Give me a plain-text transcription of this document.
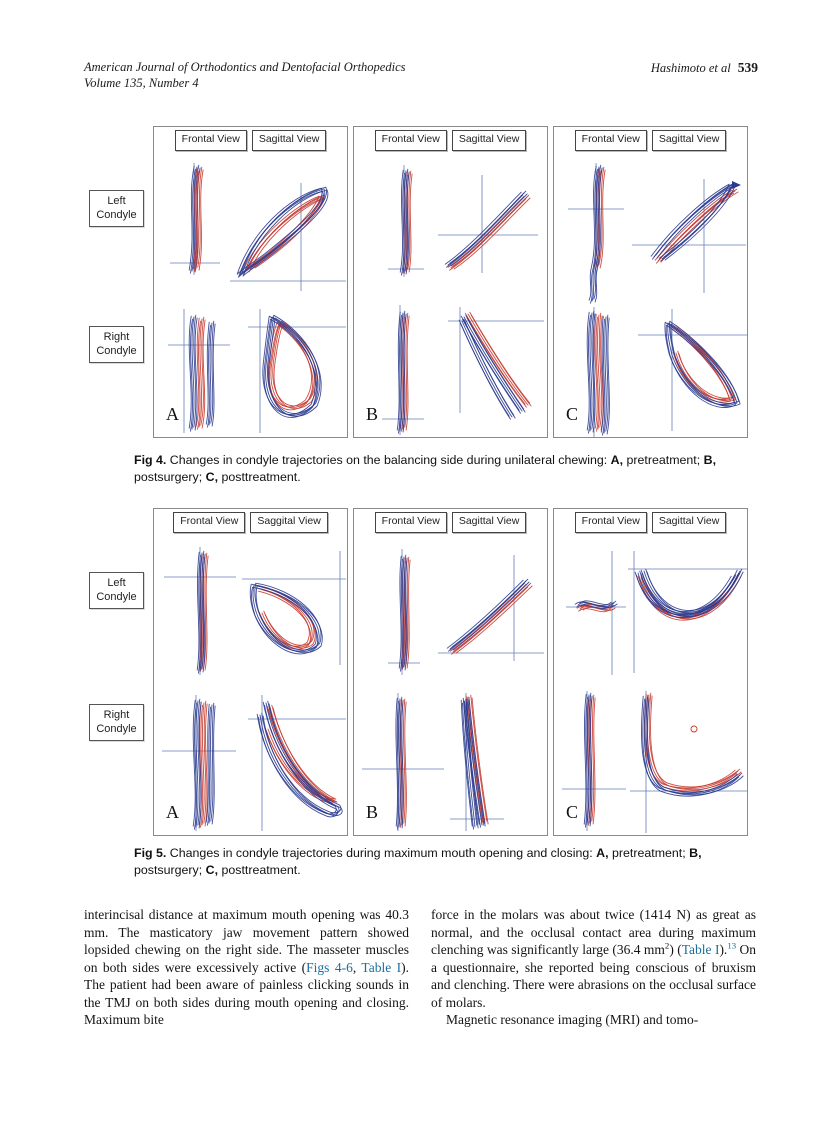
American Journal of Orthodontics and Dentofacial Orthopedics
Volume 135, Number 4
Hashimoto et al 539
Left Condyle
Right Condyle
Frontal View	Sagittal View
A
Frontal View	Sagittal View
B
Frontal View	Sagittal View
C

Fig 4. Changes in condyle trajectories on the balancing side during unilateral chewing: A, pretreatment; B, postsurgery; C, posttreatment.

Left Condyle
Right Condyle
Frontal View	Saggital View
A
Frontal View	Sagittal View
B
Frontal View	Sagittal View
C

Fig 5. Changes in condyle trajectories during maximum mouth opening and closing: A, pretreatment; B, postsurgery; C, posttreatment.

interincisal distance at maximum mouth opening was 40.3 mm. The masticatory jaw movement pattern showed lopsided chewing on the right side. The masseter muscles on both sides were excessively active (Figs 4-6, Table I). The patient had been aware of painless clicking sounds in the TMJ on both sides during mouth opening and closing. Maximum bite

force in the molars was about twice (1414 N) as great as normal, and the occlusal contact area during maximum clenching was significantly large (36.4 $mm^2$) (Table I).$^{13}$ On a questionnaire, she reported being conscious of bruxism and clenching. There were abrasions on the occlusal surface of molars.

Magnetic resonance imaging (MRI) and tomo-
